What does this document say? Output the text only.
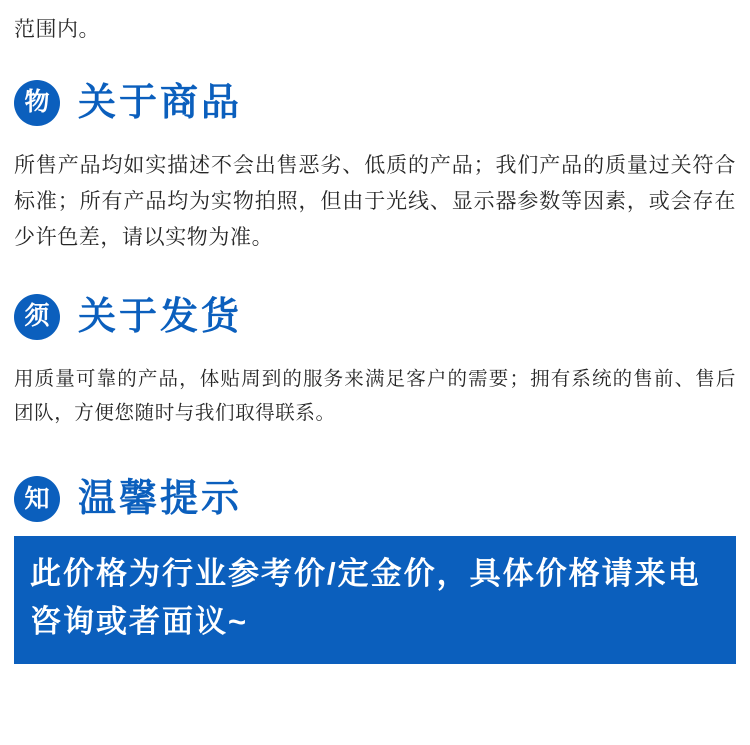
范围内。
物 关于商品

所售产品均如实描述不会出售恶劣、低质的产品；我们产品的质量过关符合标准；所有产品均为实物拍照，但由于光线、显示器参数等因素，或会存在少许色差，请以实物为准。

须 关于发货

用质量可靠的产品，体贴周到的服务来满足客户的需要；拥有系统的售前、售后团队，方便您随时与我们取得联系。

知 温馨提示
此价格为行业参考价/定金价，具体价格请来电咨询或者面议~
